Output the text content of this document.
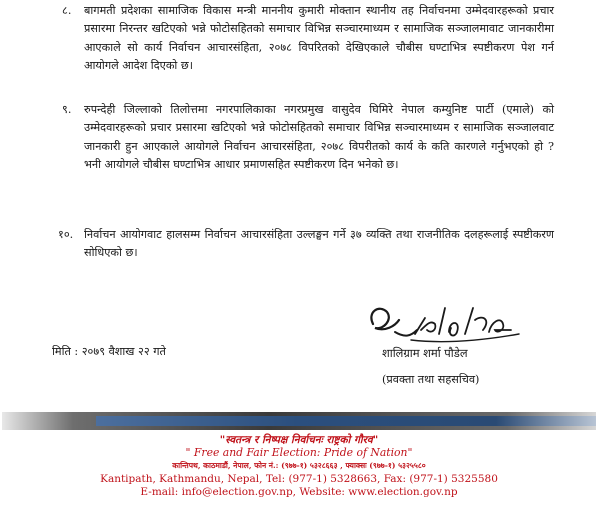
८. बागमती प्रदेशका सामाजिक विकास मन्त्री माननीय कुमारी मोक्तान स्थानीय तह निर्वाचनमा उम्मेदवारहरूको प्रचार प्रसारमा निरन्तर खटिएको भन्ने फोटोसहितको समाचार विभिन्न सञ्चारमाध्यम र सामाजिक सञ्जालमावाट जानकारीमा आएकाले सो कार्य निर्वाचन आचारसंहिता, २०७८ विपरितको देखिएकाले चौबीस घण्टाभित्र स्पष्टीकरण पेश गर्न आयोगले आदेश दिएको छ।
९. रुपन्देही जिल्लाको तिलोत्तमा नगरपालिकाका नगरप्रमुख वासुदेव घिमिरे नेपाल कम्युनिष्ट पार्टी (एमाले) को उम्मेदवारहरूको प्रचार प्रसारमा खटिएको भन्ने फोटोसहितको समाचार विभिन्न सञ्चारमाध्यम र सामाजिक सञ्जालवाट जानकारी हुन आएकाले आयोगले निर्वाचन आचारसंहिता, २०७८ विपरीतको कार्य के कति कारणले गर्नुभएको हो ? भनी आयोगले चौबीस घण्टाभित्र आधार प्रमाणसहित स्पष्टीकरण दिन भनेको छ।
१०. निर्वाचन आयोगवाट हालसम्म निर्वाचन आचारसंहिता उल्लङ्घन गर्ने ३७ व्यक्ति तथा राजनीतिक दलहरूलाई स्पष्टीकरण सोधिएको छ।
मिति : २०७९ वैशाख २२ गते	शालिग्राम शर्मा पौडेल
(प्रवक्ता तथा सहसचिव)
"स्वतन्त्र र निष्पक्ष निर्वाचनः राष्ट्रको गौरव"
" Free and Fair Election: Pride of Nation"
कान्तिपथ, काठमाडौं, नेपाल, फोन नं.: (९७७-१) ५३२८६६३ , फ्याक्सः (९७७-१) ५३२५५८०
Kantipath, Kathmandu, Nepal, Tel: (977-1) 5328663, Fax: (977-1) 5325580
E-mail: info@election.gov.np, Website: www.election.gov.np
